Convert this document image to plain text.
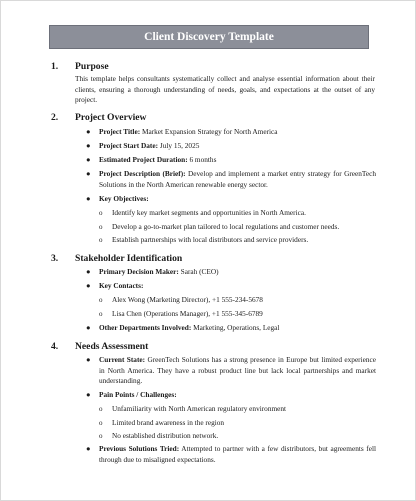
Client Discovery Template
1. Purpose
This template helps consultants systematically collect and analyse essential information about their clients, ensuring a thorough understanding of needs, goals, and expectations at the outset of any project.
2. Project Overview
● Project Title: Market Expansion Strategy for North America
● Project Start Date: July 15, 2025
● Estimated Project Duration: 6 months
● Project Description (Brief): Develop and implement a market entry strategy for GreenTech Solutions in the North American renewable energy sector.
● Key Objectives:
o Identify key market segments and opportunities in North America.
o Develop a go-to-market plan tailored to local regulations and customer needs.
o Establish partnerships with local distributors and service providers.
3. Stakeholder Identification
● Primary Decision Maker: Sarah (CEO)
● Key Contacts:
o Alex Wong (Marketing Director), +1 555-234-5678
o Lisa Chen (Operations Manager), +1 555-345-6789
● Other Departments Involved: Marketing, Operations, Legal
4. Needs Assessment
● Current State: GreenTech Solutions has a strong presence in Europe but limited experience in North America. They have a robust product line but lack local partnerships and market understanding.
● Pain Points / Challenges:
o Unfamiliarity with North American regulatory environment
o Limited brand awareness in the region
o No established distribution network.
● Previous Solutions Tried: Attempted to partner with a few distributors, but agreements fell through due to misaligned expectations.
